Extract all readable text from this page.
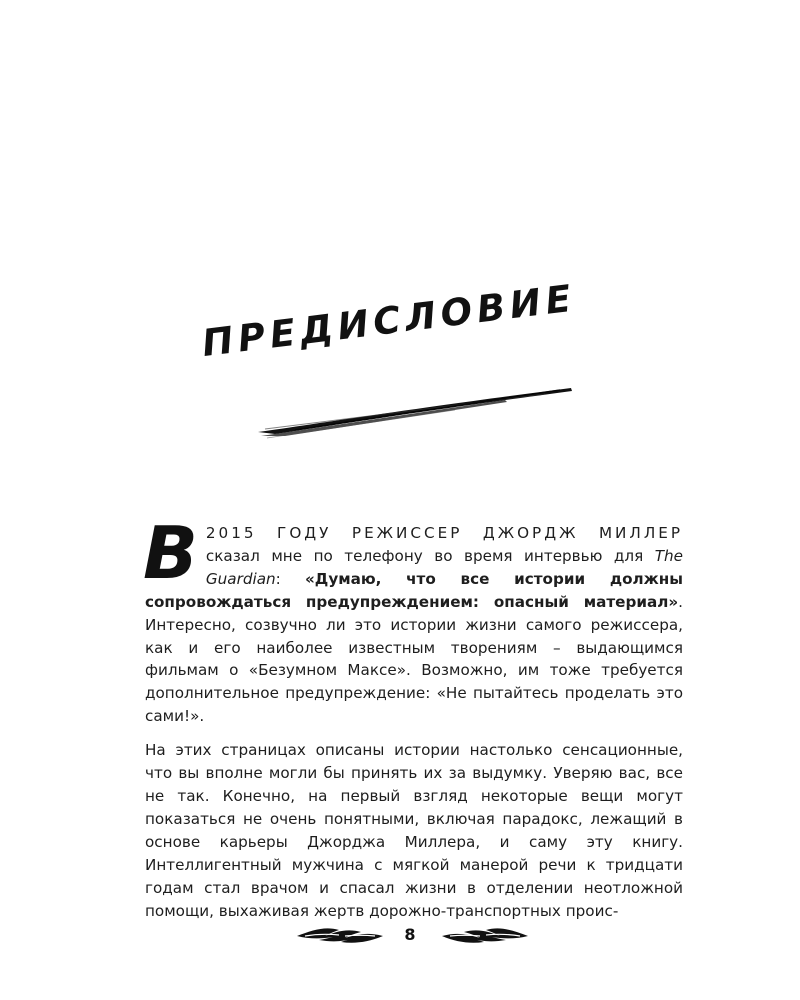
ПРЕДИСЛОВИЕ

В 2015 ГОДУ РЕЖИССЕР ДЖОРДЖ МИЛЛЕР сказал мне по телефону во время интервью для The Guardian: «Думаю, что все истории должны сопровождаться предупреждением: опасный материал». Интересно, созвучно ли это истории жизни самого режиссера, как и его наиболее известным творениям – выдающимся фильмам о «Безумном Максе». Возможно, им тоже требуется дополнительное предупреждение: «Не пытайтесь проделать это сами!».

На этих страницах описаны истории настолько сенсационные, что вы вполне могли бы принять их за выдумку. Уверяю вас, все не так. Конечно, на первый взгляд некоторые вещи могут показаться не очень понятными, включая парадокс, лежащий в основе карьеры Джорджа Миллера, и саму эту книгу. Интеллигентный мужчина с мягкой манерой речи к тридцати годам стал врачом и спасал жизни в отделении неотложной помощи, выхаживая жертв дорожно-транспортных проис-

8
